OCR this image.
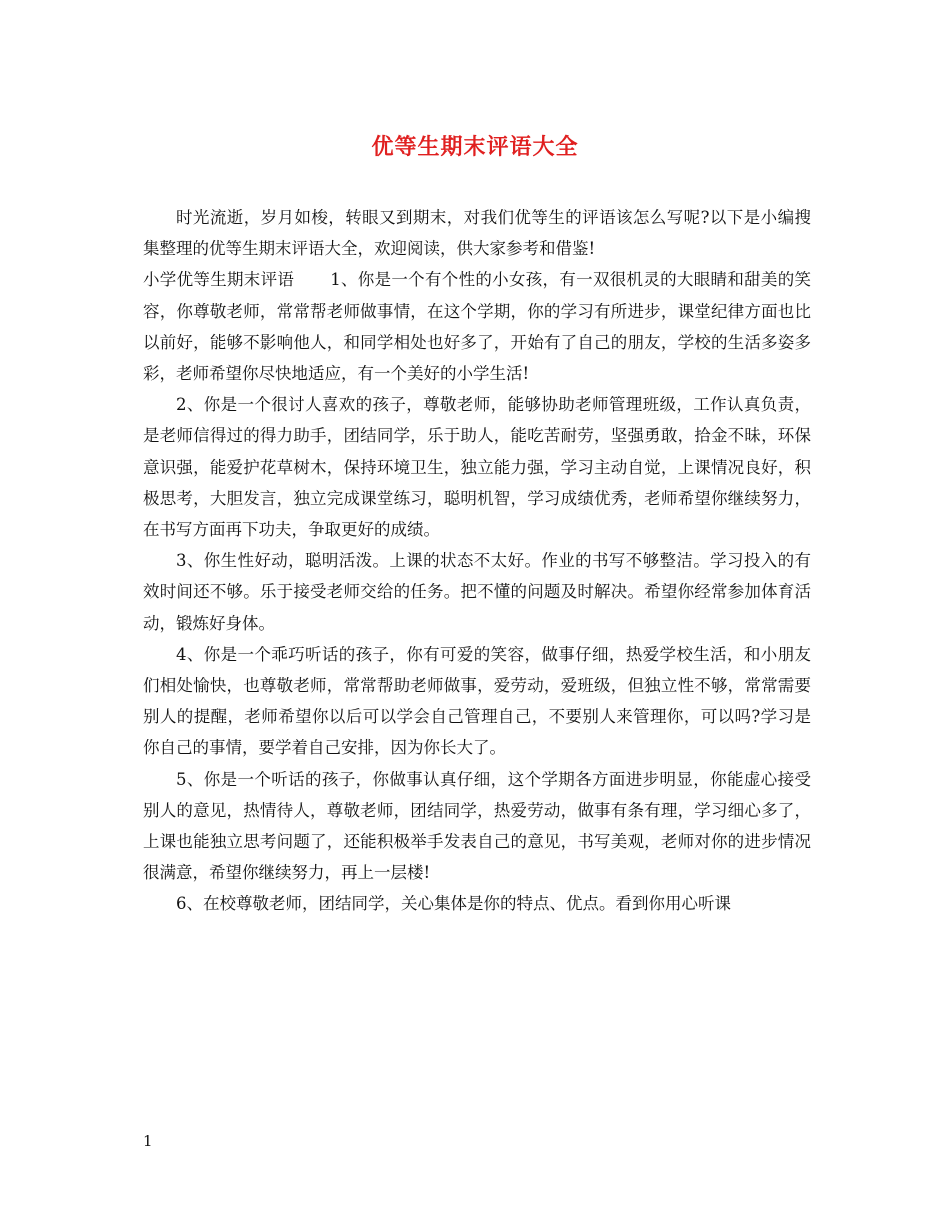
优等生期末评语大全

时光流逝，岁月如梭，转眼又到期末，对我们优等生的评语该怎么写呢?以下是小编搜集整理的优等生期末评语大全，欢迎阅读，供大家参考和借鉴!

小学优等生期末评语 1、你是一个有个性的小女孩，有一双很机灵的大眼睛和甜美的笑容，你尊敬老师，常常帮老师做事情，在这个学期，你的学习有所进步，课堂纪律方面也比以前好，能够不影响他人，和同学相处也好多了，开始有了自己的朋友，学校的生活多姿多彩，老师希望你尽快地适应，有一个美好的小学生活!

2、你是一个很讨人喜欢的孩子，尊敬老师，能够协助老师管理班级，工作认真负责，是老师信得过的得力助手，团结同学，乐于助人，能吃苦耐劳，坚强勇敢，拾金不昧，环保意识强，能爱护花草树木，保持环境卫生，独立能力强，学习主动自觉，上课情况良好，积极思考，大胆发言，独立完成课堂练习，聪明机智，学习成绩优秀，老师希望你继续努力，在书写方面再下功夫，争取更好的成绩。

3、你生性好动，聪明活泼。上课的状态不太好。作业的书写不够整洁。学习投入的有效时间还不够。乐于接受老师交给的任务。把不懂的问题及时解决。希望你经常参加体育活动，锻炼好身体。

4、你是一个乖巧听话的孩子，你有可爱的笑容，做事仔细，热爱学校生活，和小朋友们相处愉快，也尊敬老师，常常帮助老师做事，爱劳动，爱班级，但独立性不够，常常需要别人的提醒，老师希望你以后可以学会自己管理自己，不要别人来管理你，可以吗?学习是你自己的事情，要学着自己安排，因为你长大了。

5、你是一个听话的孩子，你做事认真仔细，这个学期各方面进步明显，你能虚心接受别人的意见，热情待人，尊敬老师，团结同学，热爱劳动，做事有条有理，学习细心多了，上课也能独立思考问题了，还能积极举手发表自己的意见，书写美观，老师对你的进步情况很满意，希望你继续努力，再上一层楼!

6、在校尊敬老师，团结同学，关心集体是你的特点、优点。看到你用心听课

1
